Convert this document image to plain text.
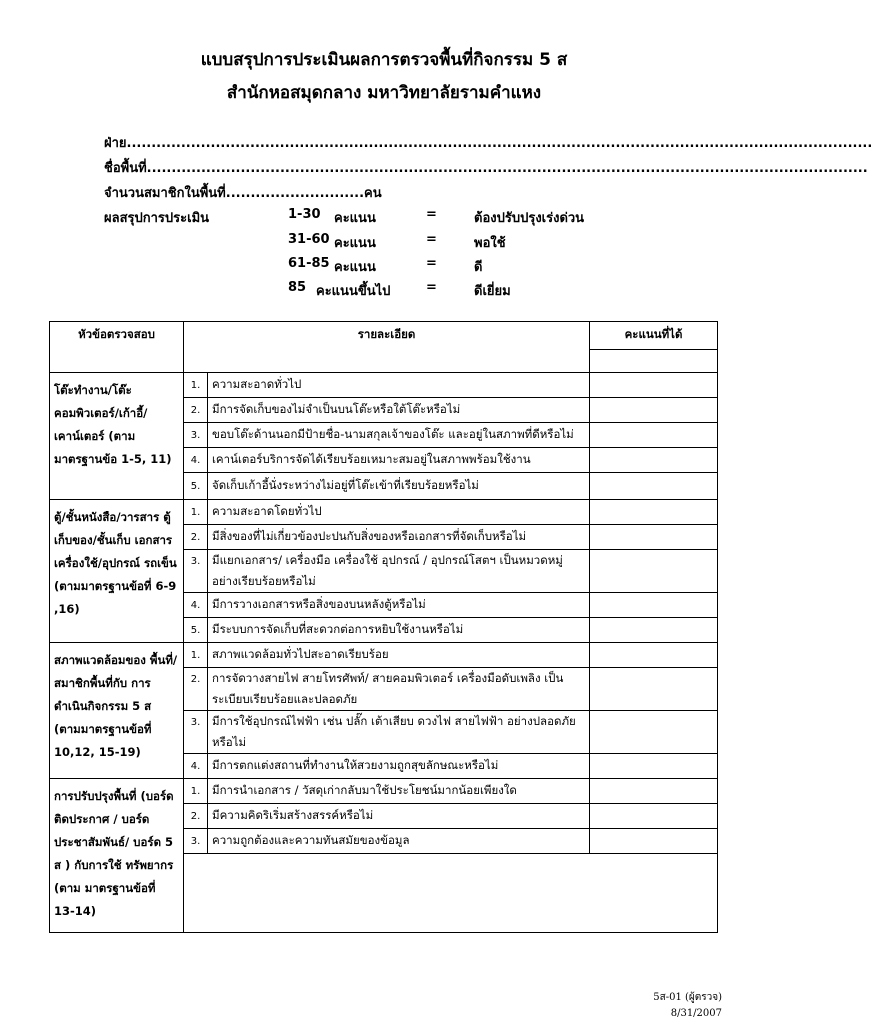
แบบสรุปการประเมินผลการตรวจพื้นที่กิจกรรม 5 ส
สำนักหอสมุดกลาง มหาวิทยาลัยรามคำแหง
ฝ่าย.......................................................................................................................................................
ชื่อพื้นที่..................................................................................................................................................
จำนวนสมาชิกในพื้นที่............................คน
ผลสรุปการประเมิน	1-30 คะแนน	=	ต้องปรับปรุงเร่งด่วน
31-60 คะแนน	=	พอใช้
61-85 คะแนน	=	ดี
85 คะแนนขึ้นไป	=	ดีเยี่ยม
หัวข้อตรวจสอบ	รายละเอียด		คะแนนที่ได้

โต๊ะทำงาน/โต๊ะ คอมพิวเตอร์/เก้าอี้/ เคาน์เตอร์ (ตามมาตรฐานข้อ 1-5, 11)	1.	ความสะอาดทั่วไป	
	2.	มีการจัดเก็บของไม่จำเป็นบนโต๊ะหรือใต้โต๊ะหรือไม่	
	3.	ขอบโต๊ะด้านนอกมีป้ายชื่อ-นามสกุลเจ้าของโต๊ะ และอยู่ในสภาพที่ดีหรือไม่	
	4.	เคาน์เตอร์บริการจัดได้เรียบร้อยเหมาะสมอยู่ในสภาพพร้อมใช้งาน	
	5.	จัดเก็บเก้าอี้นั่งระหว่างไม่อยู่ที่โต๊ะเข้าที่เรียบร้อยหรือไม่	
ตู้/ชั้นหนังสือ/วารสาร ตู้เก็บของ/ชั้นเก็บ เอกสาร เครื่องใช้/อุปกรณ์ รถเข็น (ตามมาตรฐานข้อที่ 6-9 ,16)	1.	ความสะอาดโดยทั่วไป	
	2.	มีสิ่งของที่ไม่เกี่ยวข้องปะปนกับสิ่งของหรือเอกสารที่จัดเก็บหรือไม่	
	3.	มีแยกเอกสาร/ เครื่องมือ เครื่องใช้ อุปกรณ์ / อุปกรณ์โสตฯ เป็นหมวดหมู่ อย่างเรียบร้อยหรือไม่	
	4.	มีการวางเอกสารหรือสิ่งของบนหลังตู้หรือไม่	
	5.	มีระบบการจัดเก็บที่สะดวกต่อการหยิบใช้งานหรือไม่	
สภาพแวดล้อมของ พื้นที่/ สมาชิกพื้นที่กับ การดำเนินกิจกรรม 5 ส (ตามมาตรฐานข้อที่ 10,12, 15-19)	1.	สภาพแวดล้อมทั่วไปสะอาดเรียบร้อย	
	2.	การจัดวางสายไฟ สายโทรศัพท์/ สายคอมพิวเตอร์ เครื่องมือดับเพลิง เป็นระเบียบเรียบร้อยและปลอดภัย	
	3.	มีการใช้อุปกรณ์ไฟฟ้า เช่น ปลั๊ก เต้าเสียบ ดวงไฟ สายไฟฟ้า อย่างปลอดภัย หรือไม่	
	4.	มีการตกแต่งสถานที่ทำงานให้สวยงามถูกสุขลักษณะหรือไม่	
การปรับปรุงพื้นที่ (บอร์ดติดประกาศ / บอร์ดประชาสัมพันธ์/ บอร์ด 5 ส ) กับการใช้ ทรัพยากร (ตาม มาตรฐานข้อที่ 13-14)	1.	มีการนำเอกสาร / วัสดุเก่ากลับมาใช้ประโยชน์มากน้อยเพียงใด	
	2.	มีความคิดริเริ่มสร้างสรรค์หรือไม่	
	3.	ความถูกต้องและความทันสมัยของข้อมูล	

5ส-01 (ผู้ตรวจ)
8/31/2007
